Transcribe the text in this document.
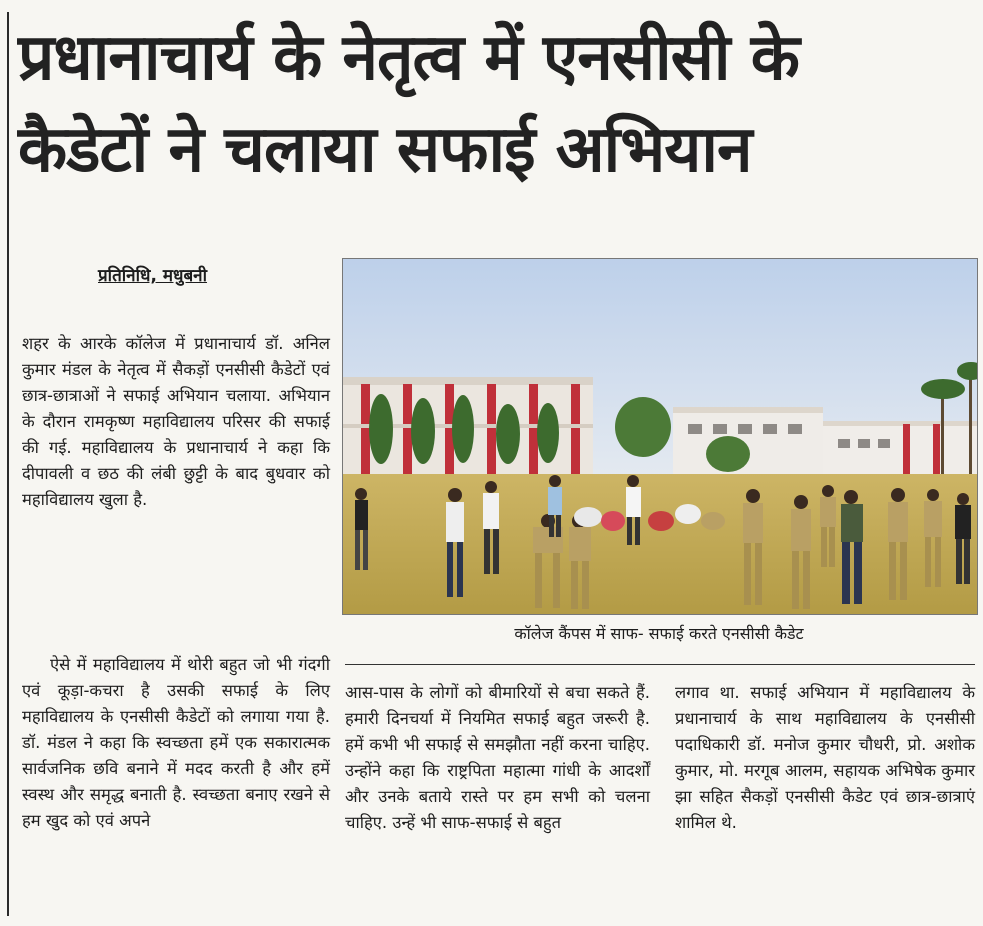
प्रधानाचार्य के नेतृत्व में एनसीसी के
कैडेटों ने चलाया सफाई अभियान
प्रतिनिधि, मधुबनी

शहर के आरके कॉलेज में प्रधानाचार्य डॉ. अनिल कुमार मंडल के नेतृत्व में सैकड़ों एनसीसी कैडेटों एवं छात्र-छात्राओं ने सफाई अभियान चलाया. अभियान के दौरान रामकृष्ण महाविद्यालय परिसर की सफाई की गई. महाविद्यालय के प्रधानाचार्य ने कहा कि दीपावली व छठ की लंबी छुट्टी के बाद बुधवार को महाविद्यालय खुला है.

ऐसे में महाविद्यालय में थोरी बहुत जो भी गंदगी एवं कूड़ा-कचरा है उसकी सफाई के लिए महाविद्यालय के एनसीसी कैडेटों को लगाया गया है. डॉ. मंडल ने कहा कि स्वच्छता हमें एक सकारात्मक सार्वजनिक छवि बनाने में मदद करती है और हमें स्वस्थ और समृद्ध बनाती है. स्वच्छता बनाए रखने से हम खुद को एवं अपने

कॉलेज कैंपस में साफ- सफाई करते एनसीसी कैडेट

आस-पास के लोगों को बीमारियों से बचा सकते हैं. हमारी दिनचर्या में नियमित सफाई बहुत जरूरी है. हमें कभी भी सफाई से समझौता नहीं करना चाहिए. उन्होंने कहा कि राष्ट्रपिता महात्मा गांधी के आदर्शों और उनके बताये रास्ते पर हम सभी को चलना चाहिए. उन्हें भी साफ-सफाई से बहुत

लगाव था. सफाई अभियान में महाविद्यालय के प्रधानाचार्य के साथ महाविद्यालय के एनसीसी पदाधिकारी डॉ. मनोज कुमार चौधरी, प्रो. अशोक कुमार, मो. मरगूब आलम, सहायक अभिषेक कुमार झा सहित सैकड़ों एनसीसी कैडेट एवं छात्र-छात्राएं शामिल थे.
